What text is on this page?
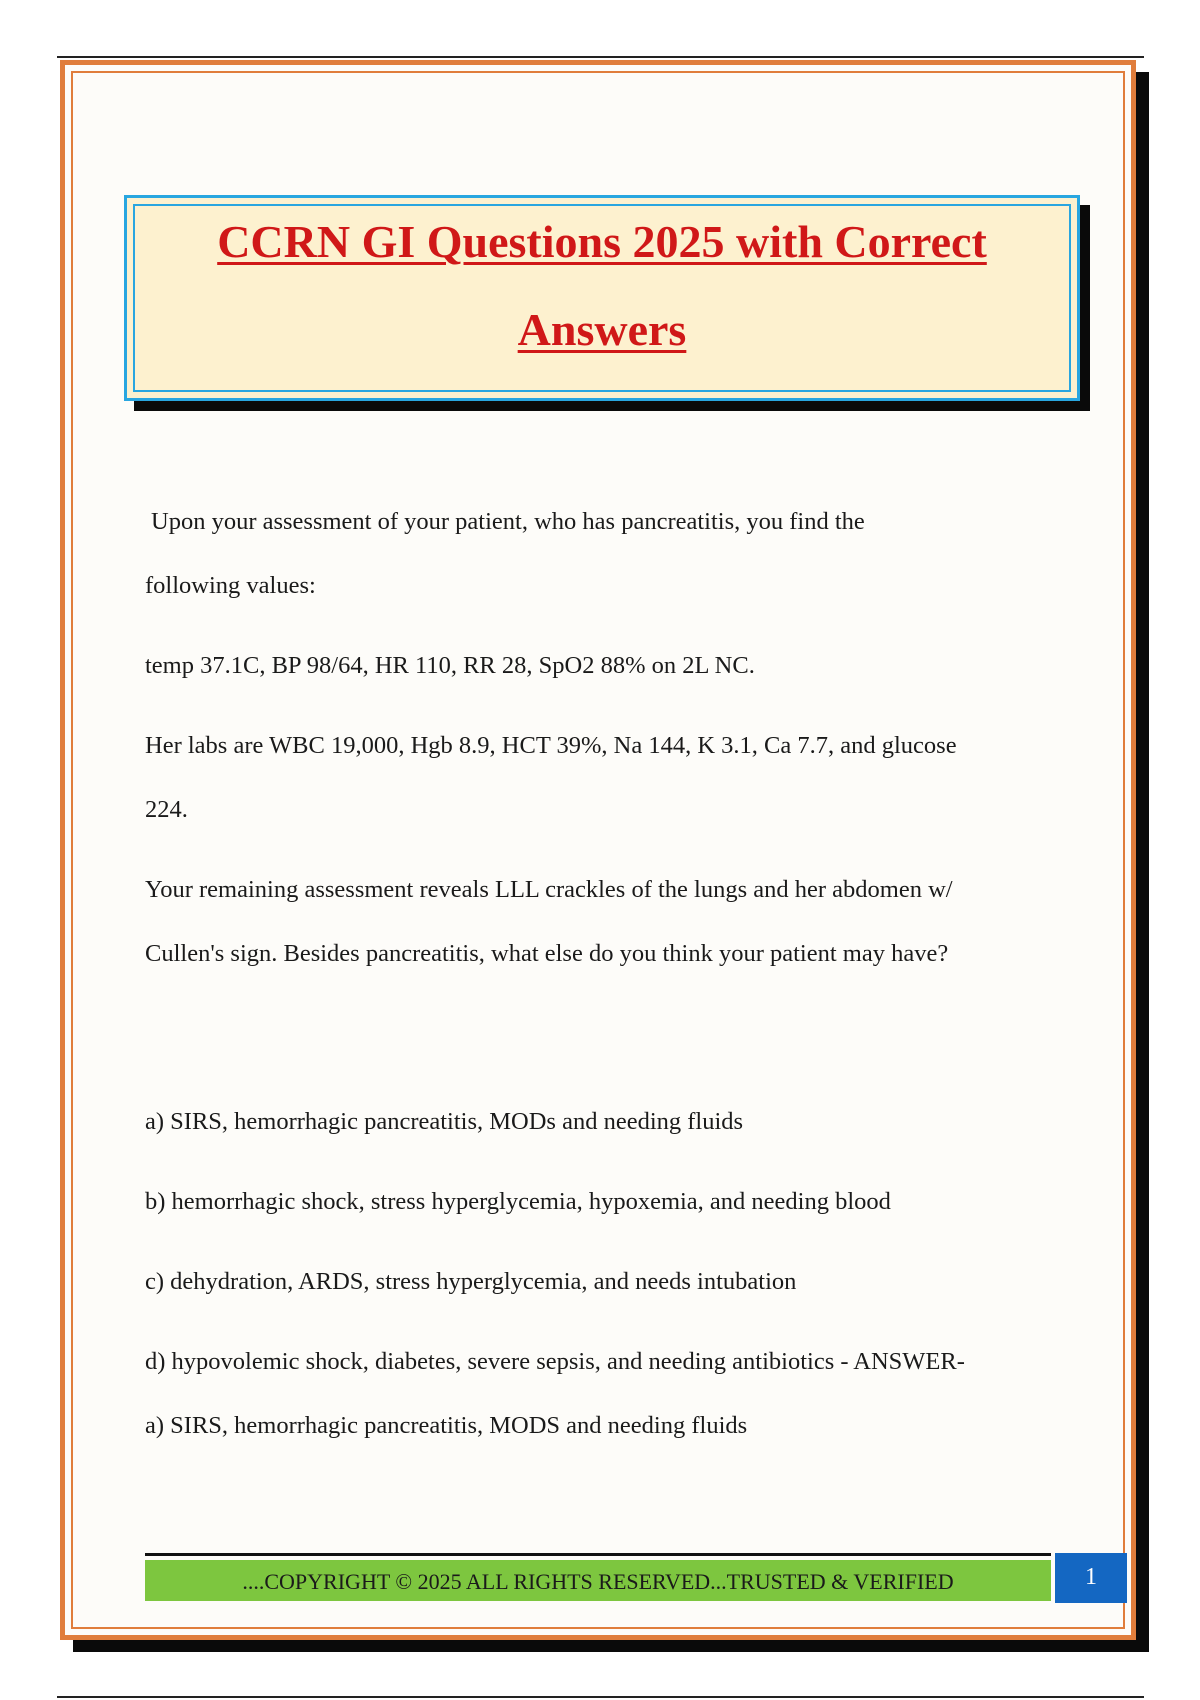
CCRN GI Questions 2025 with Correct
Answers

Upon your assessment of your patient, who has pancreatitis, you find the

following values:

temp 37.1C, BP 98/64, HR 110, RR 28, SpO2 88% on 2L NC.

Her labs are WBC 19,000, Hgb 8.9, HCT 39%, Na 144, K 3.1, Ca 7.7, and glucose

224.

Your remaining assessment reveals LLL crackles of the lungs and her abdomen w/

Cullen's sign. Besides pancreatitis, what else do you think your patient may have?

a) SIRS, hemorrhagic pancreatitis, MODs and needing fluids

b) hemorrhagic shock, stress hyperglycemia, hypoxemia, and needing blood

c) dehydration, ARDS, stress hyperglycemia, and needs intubation

d) hypovolemic shock, diabetes, severe sepsis, and needing antibiotics - ANSWER-

a) SIRS, hemorrhagic pancreatitis, MODS and needing fluids

....COPYRIGHT © 2025 ALL RIGHTS RESERVED...TRUSTED & VERIFIED	1
